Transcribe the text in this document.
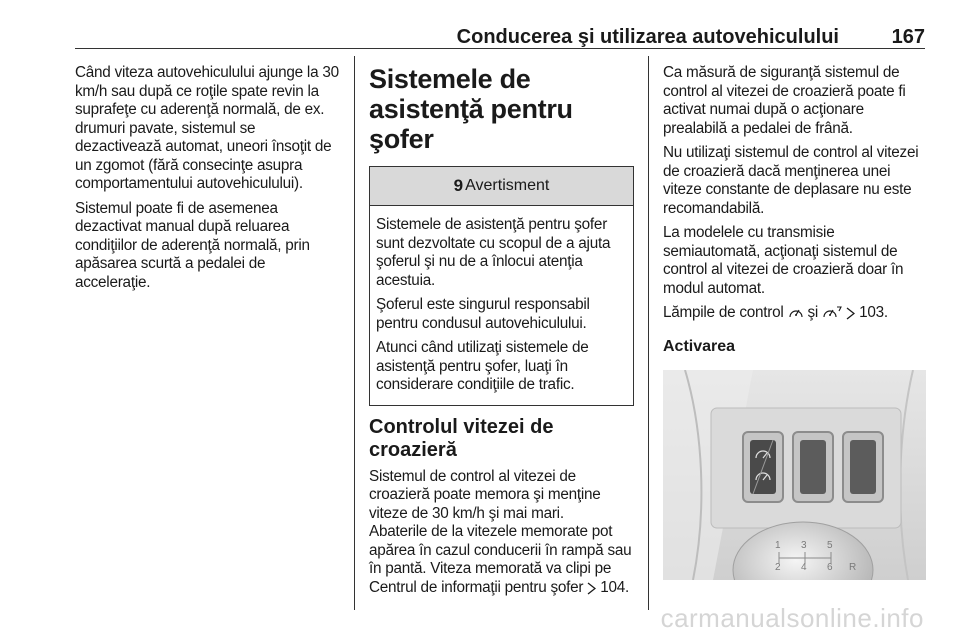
Conducerea şi utilizarea autovehiculului	167

Când viteza autovehiculului ajunge la 30 km/h sau după ce roţile spate revin la suprafeţe cu aderenţă normală, de ex. drumuri pavate, sistemul se dezactivează automat, uneori însoţit de un zgomot (fără consecinţe asupra comportamentului autovehiculului).

Sistemul poate fi de asemenea dezactivat manual după reluarea condiţiilor de aderenţă normală, prin apăsarea scurtă a pedalei de acceleraţie.

Sistemele de asistenţă pentru şofer
9 Avertisment

Sistemele de asistenţă pentru şofer sunt dezvoltate cu scopul de a ajuta şoferul şi nu de a înlocui atenţia acestuia.

Şoferul este singurul responsabil pentru condusul autovehiculului.

Atunci când utilizaţi sistemele de asistenţă pentru şofer, luaţi în considerare condiţiile de trafic.

Controlul vitezei de croazieră

Sistemul de control al vitezei de croazieră poate memora şi menţine viteze de 30 km/h şi mai mari.

Abaterile de la vitezele memorate pot apărea în cazul conducerii în rampă sau în pantă. Viteza memorată va clipi pe Centrul de informaţii pentru şofer 104.

Ca măsură de siguranţă sistemul de control al vitezei de croazieră poate fi activat numai după o acţionare prealabilă a pedalei de frână.

Nu utilizaţi sistemul de control al vitezei de croazieră dacă menţinerea unei viteze constante de deplasare nu este recomandabilă.

La modelele cu transmisie semiautomată, acţionaţi sistemul de control al vitezei de croazieră doar în modul automat.

Lămpile de control şi	103.

Activarea
1 3 5
2 4 6 R
carmanualsonline.info
